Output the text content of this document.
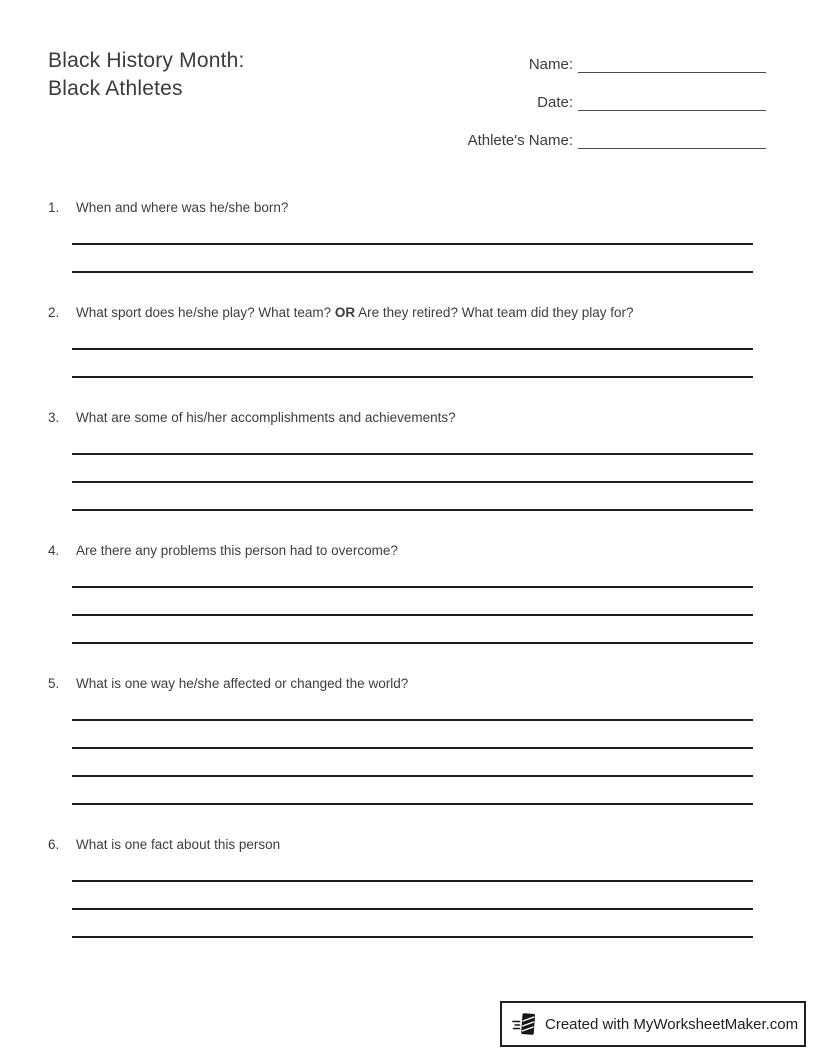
Black History Month:
Black Athletes
Name:
Date:
Athlete's Name:
1.	When and where was he/she born?
2.	What sport does he/she play? What team? OR Are they retired? What team did they play for?
3.	What are some of his/her accomplishments and achievements?
4.	Are there any problems this person had to overcome?
5.	What is one way he/she affected or changed the world?
6.	What is one fact about this person
Created with MyWorksheetMaker.com
